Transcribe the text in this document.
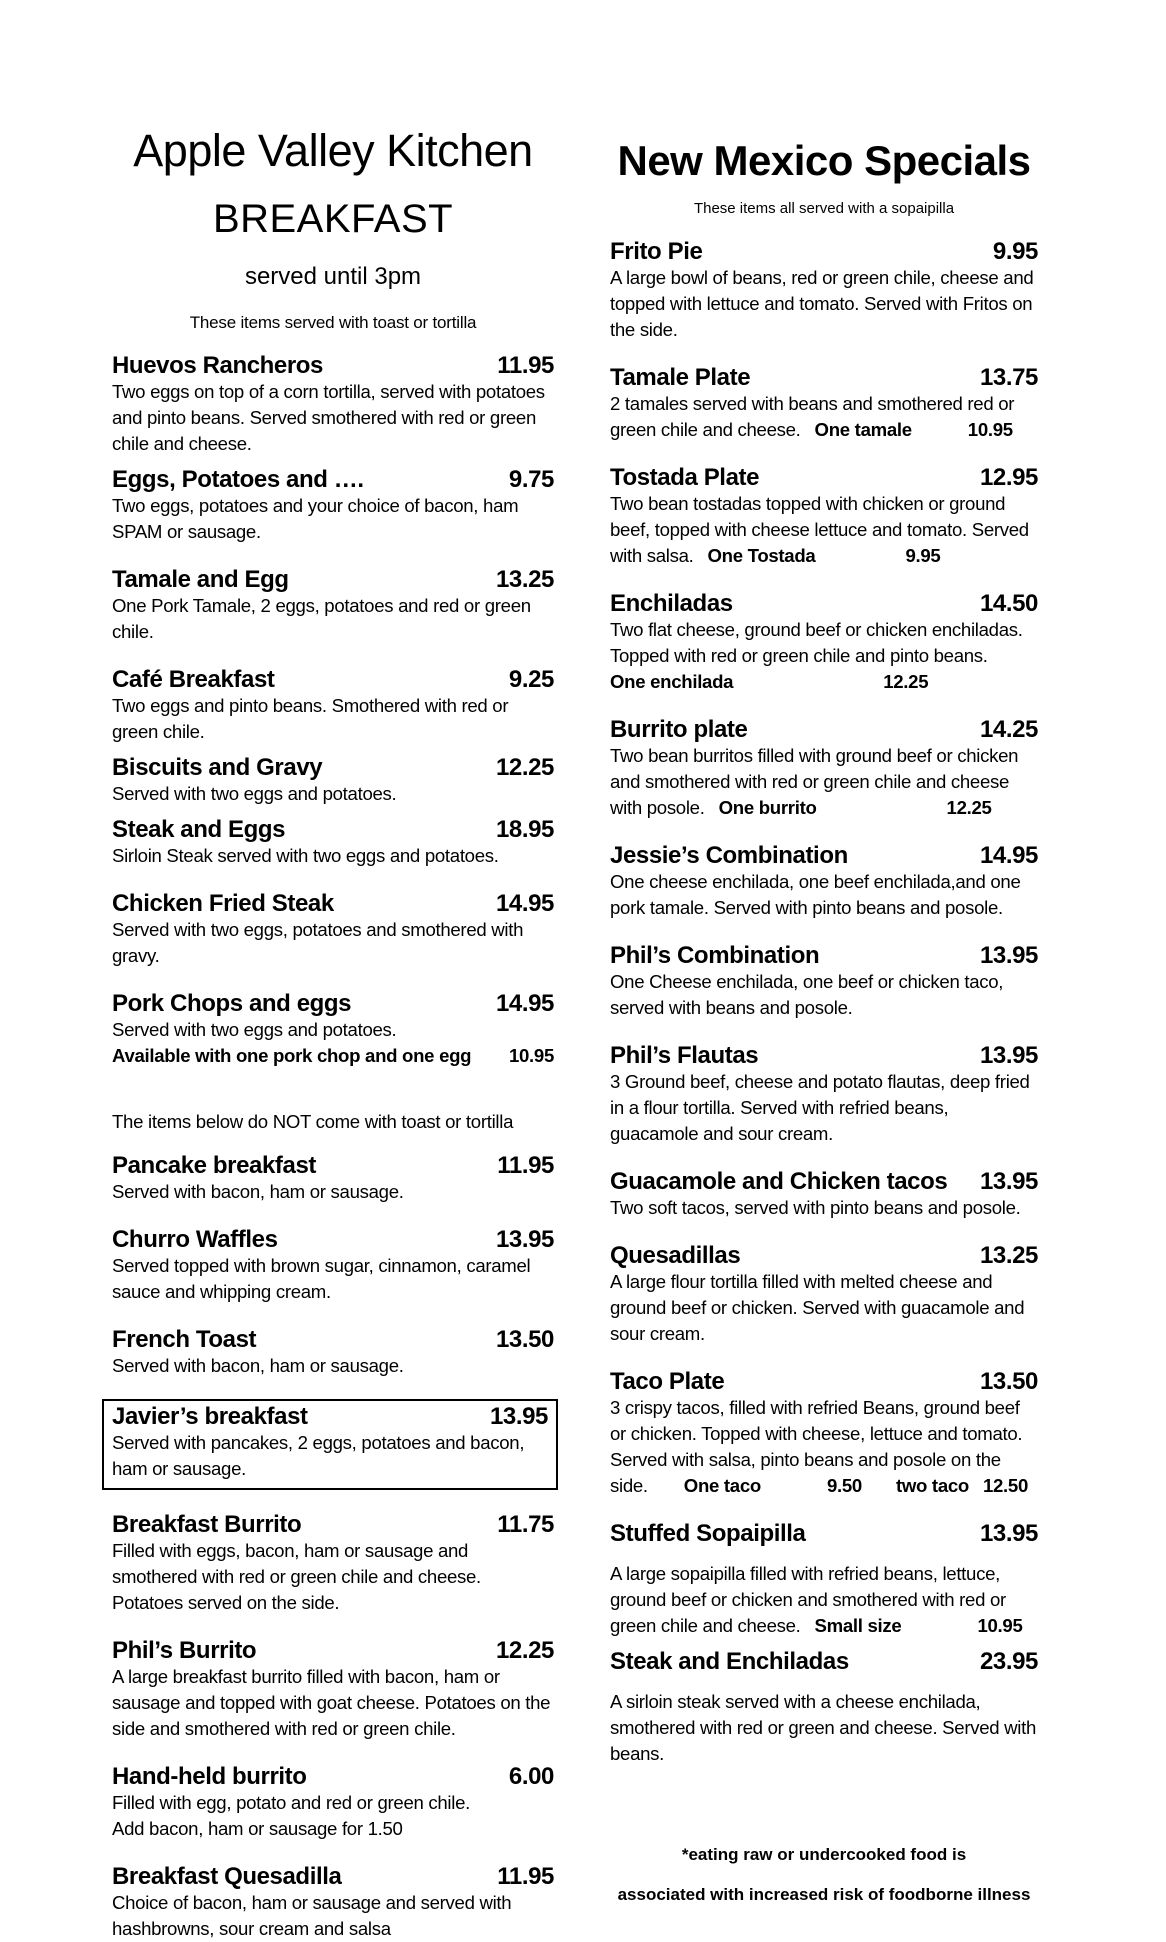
Apple Valley Kitchen
BREAKFAST
served until 3pm
These items served with toast or tortilla
Huevos Rancheros	11.95

Two eggs on top of a corn tortilla, served with potatoes and pinto beans. Served smothered with red or green chile and cheese.

Eggs, Potatoes and ….	9.75

Two eggs, potatoes and your choice of bacon, ham SPAM or sausage.

Tamale and Egg	13.25

One Pork Tamale, 2 eggs, potatoes and red or green chile.

Café Breakfast	9.25

Two eggs and pinto beans. Smothered with red or green chile.

Biscuits and Gravy	12.25

Served with two eggs and potatoes.

Steak and Eggs	18.95

Sirloin Steak served with two eggs and potatoes.

Chicken Fried Steak	14.95

Served with two eggs, potatoes and smothered with gravy.

Pork Chops and eggs	14.95

Served with two eggs and potatoes.

Available with one pork chop and one egg 10.95
The items below do NOT come with toast or tortilla
Pancake breakfast	11.95

Served with bacon, ham or sausage.

Churro Waffles	13.95

Served topped with brown sugar, cinnamon, caramel sauce and whipping cream.

French Toast	13.50

Served with bacon, ham or sausage.

Javier’s breakfast	13.95

Served with pancakes, 2 eggs, potatoes and bacon, ham or sausage.

Breakfast Burrito	11.75

Filled with eggs, bacon, ham or sausage and smothered with red or green chile and cheese. Potatoes served on the side.

Phil’s Burrito	12.25

A large breakfast burrito filled with bacon, ham or sausage and topped with goat cheese. Potatoes on the side and smothered with red or green chile.

Hand-held burrito	6.00

Filled with egg, potato and red or green chile.
Add bacon, ham or sausage for 1.50

Breakfast Quesadilla	11.95

Choice of bacon, ham or sausage and served with hashbrowns, sour cream and salsa

New Mexico Specials
These items all served with a sopaipilla
Frito Pie	9.95

A large bowl of beans, red or green chile, cheese and topped with lettuce and tomato. Served with Fritos on the side.

Tamale Plate	13.75

2 tamales served with beans and smothered red or green chile and cheese. One tamale	10.95

Tostada Plate	12.95

Two bean tostadas topped with chicken or ground beef, topped with cheese lettuce and tomato. Served with salsa. One Tostada	9.95

Enchiladas	14.50

Two flat cheese, ground beef or chicken enchiladas. Topped with red or green chile and pinto beans.
One enchilada	12.25

Burrito plate	14.25

Two bean burritos filled with ground beef or chicken and smothered with red or green chile and cheese with posole. One burrito	12.25

Jessie’s Combination	14.95

One cheese enchilada, one beef enchilada,and one pork tamale. Served with pinto beans and posole.

Phil’s Combination	13.95

One Cheese enchilada, one beef or chicken taco, served with beans and posole.

Phil’s Flautas	13.95

3 Ground beef, cheese and potato flautas, deep fried in a flour tortilla. Served with refried beans, guacamole and sour cream.

Guacamole and Chicken tacos 13.95

Two soft tacos, served with pinto beans and posole.

Quesadillas	13.25

A large flour tortilla filled with melted cheese and ground beef or chicken. Served with guacamole and sour cream.

Taco Plate	13.50

3 crispy tacos, filled with refried Beans, ground beef or chicken. Topped with cheese, lettuce and tomato. Served with salsa, pinto beans and posole on the side. One taco	9.50 two taco 12.50

Stuffed Sopaipilla	13.95

A large sopaipilla filled with refried beans, lettuce, ground beef or chicken and smothered with red or green chile and cheese. Small size	10.95

Steak and Enchiladas	23.95

A sirloin steak served with a cheese enchilada, smothered with red or green and cheese. Served with beans.

*eating raw or undercooked food is
associated with increased risk of foodborne illness
